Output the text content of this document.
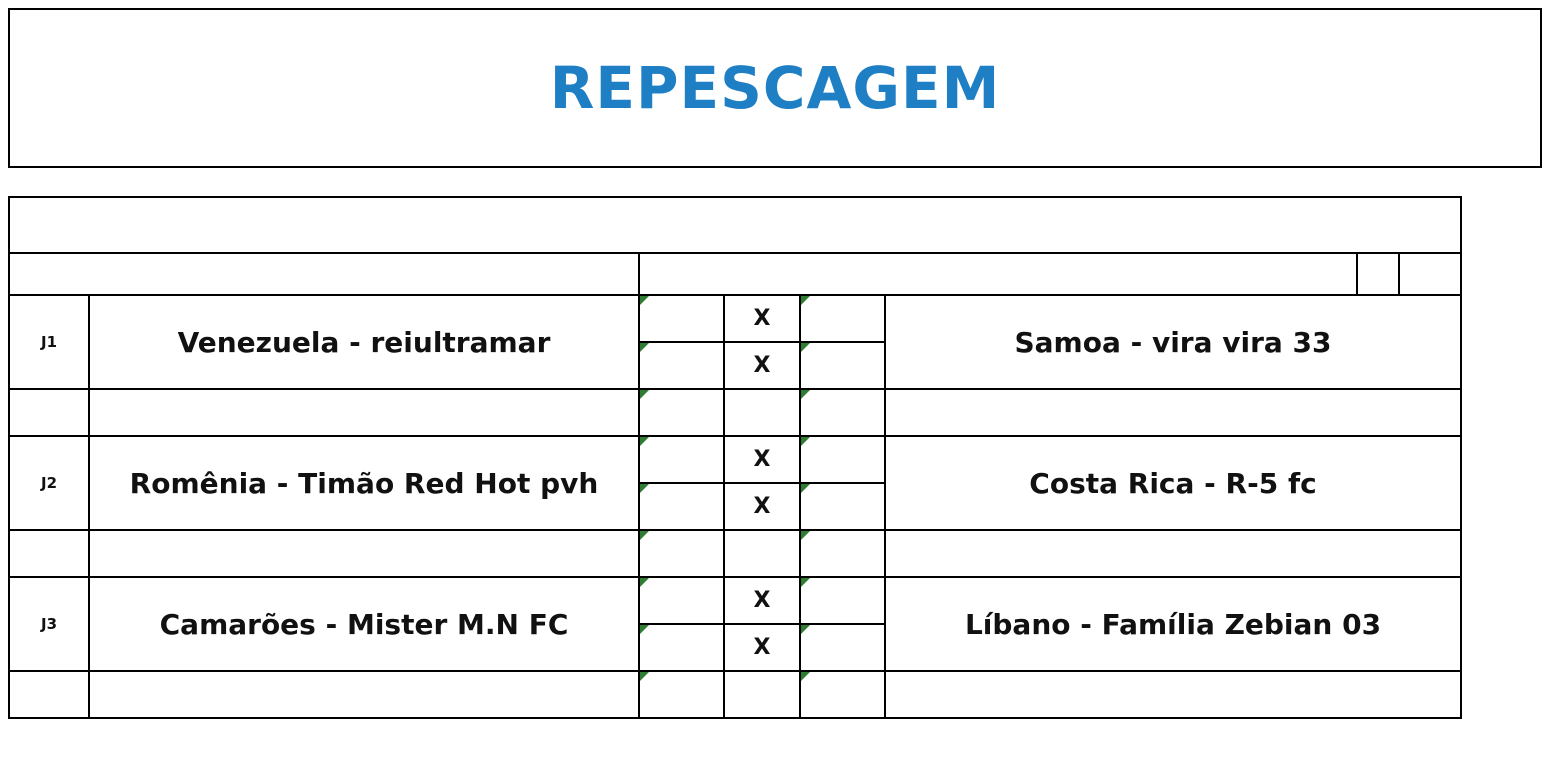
REPESCAGEM
REPESCAGEM COPA DO MUNDO							
		RODADA #30 e 31					
J1	Venezuela - reiultramar		X		Samoa - vira vira 33		
			X				

J2	Romênia - Timão Red Hot pvh		X		Costa Rica - R-5 fc		
			X				

J3	Camarões - Mister M.N FC		X		Líbano - Família Zebian 03		
			X				
